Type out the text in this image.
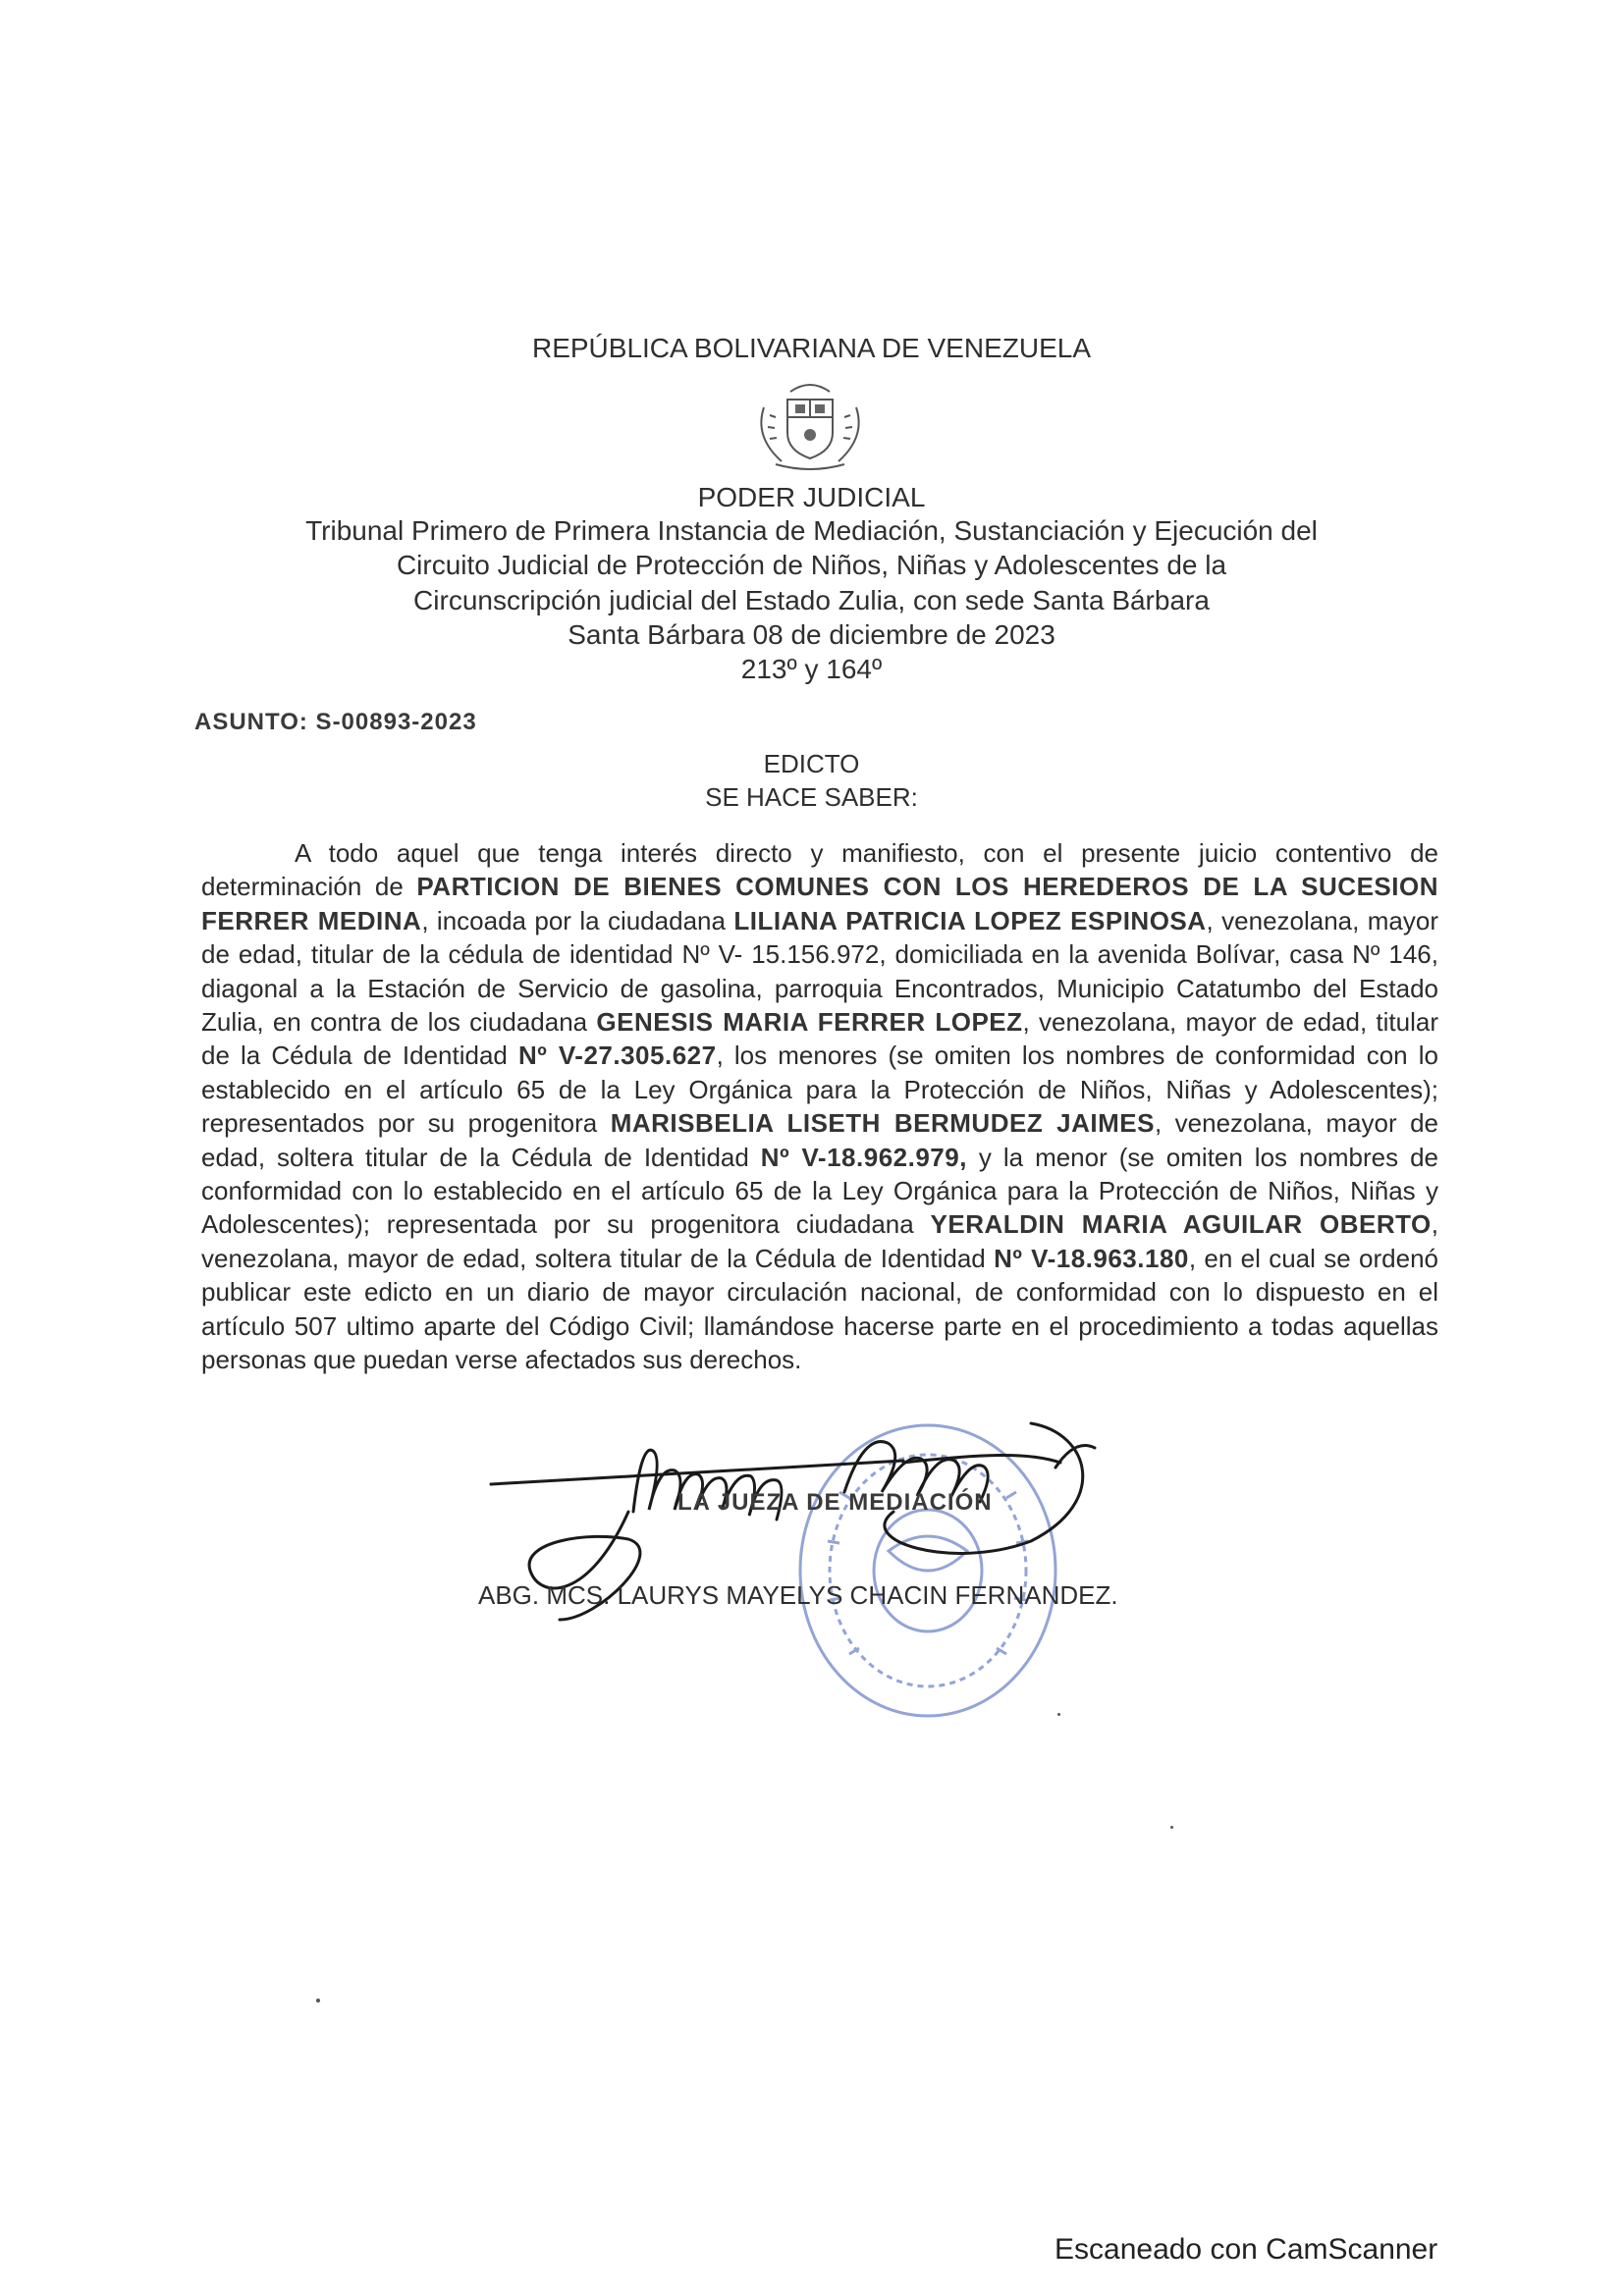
REPÚBLICA BOLIVARIANA DE VENEZUELA
PODER JUDICIAL
Tribunal Primero de Primera Instancia de Mediación, Sustanciación y Ejecución del
Circuito Judicial de Protección de Niños, Niñas y Adolescentes de la
Circunscripción judicial del Estado Zulia, con sede Santa Bárbara
Santa Bárbara 08 de diciembre de 2023
213º y 164º
ASUNTO: S-00893-2023
EDICTO
SE HACE SABER:
A todo aquel que tenga interés directo y manifiesto, con el presente juicio contentivo de determinación de PARTICION DE BIENES COMUNES CON LOS HEREDEROS DE LA SUCESION FERRER MEDINA, incoada por la ciudadana LILIANA PATRICIA LOPEZ ESPINOSA, venezolana, mayor de edad, titular de la cédula de identidad Nº V- 15.156.972, domiciliada en la avenida Bolívar, casa Nº 146, diagonal a la Estación de Servicio de gasolina, parroquia Encontrados, Municipio Catatumbo del Estado Zulia, en contra de los ciudadana GENESIS MARIA FERRER LOPEZ, venezolana, mayor de edad, titular de la Cédula de Identidad Nº V-27.305.627, los menores (se omiten los nombres de conformidad con lo establecido en el artículo 65 de la Ley Orgánica para la Protección de Niños, Niñas y Adolescentes); representados por su progenitora MARISBELIA LISETH BERMUDEZ JAIMES, venezolana, mayor de edad, soltera titular de la Cédula de Identidad Nº V-18.962.979, y la menor (se omiten los nombres de conformidad con lo establecido en el artículo 65 de la Ley Orgánica para la Protección de Niños, Niñas y Adolescentes); representada por su progenitora ciudadana YERALDIN MARIA AGUILAR OBERTO, venezolana, mayor de edad, soltera titular de la Cédula de Identidad Nº V-18.963.180, en el cual se ordenó publicar este edicto en un diario de mayor circulación nacional, de conformidad con lo dispuesto en el artículo 507 ultimo aparte del Código Civil; llamándose hacerse parte en el procedimiento a todas aquellas personas que puedan verse afectados sus derechos.
LA JUEZA DE MEDIACIÓN
ABG. MCS. LAURYS MAYELYS CHACIN FERNANDEZ.
Escaneado con CamScanner
